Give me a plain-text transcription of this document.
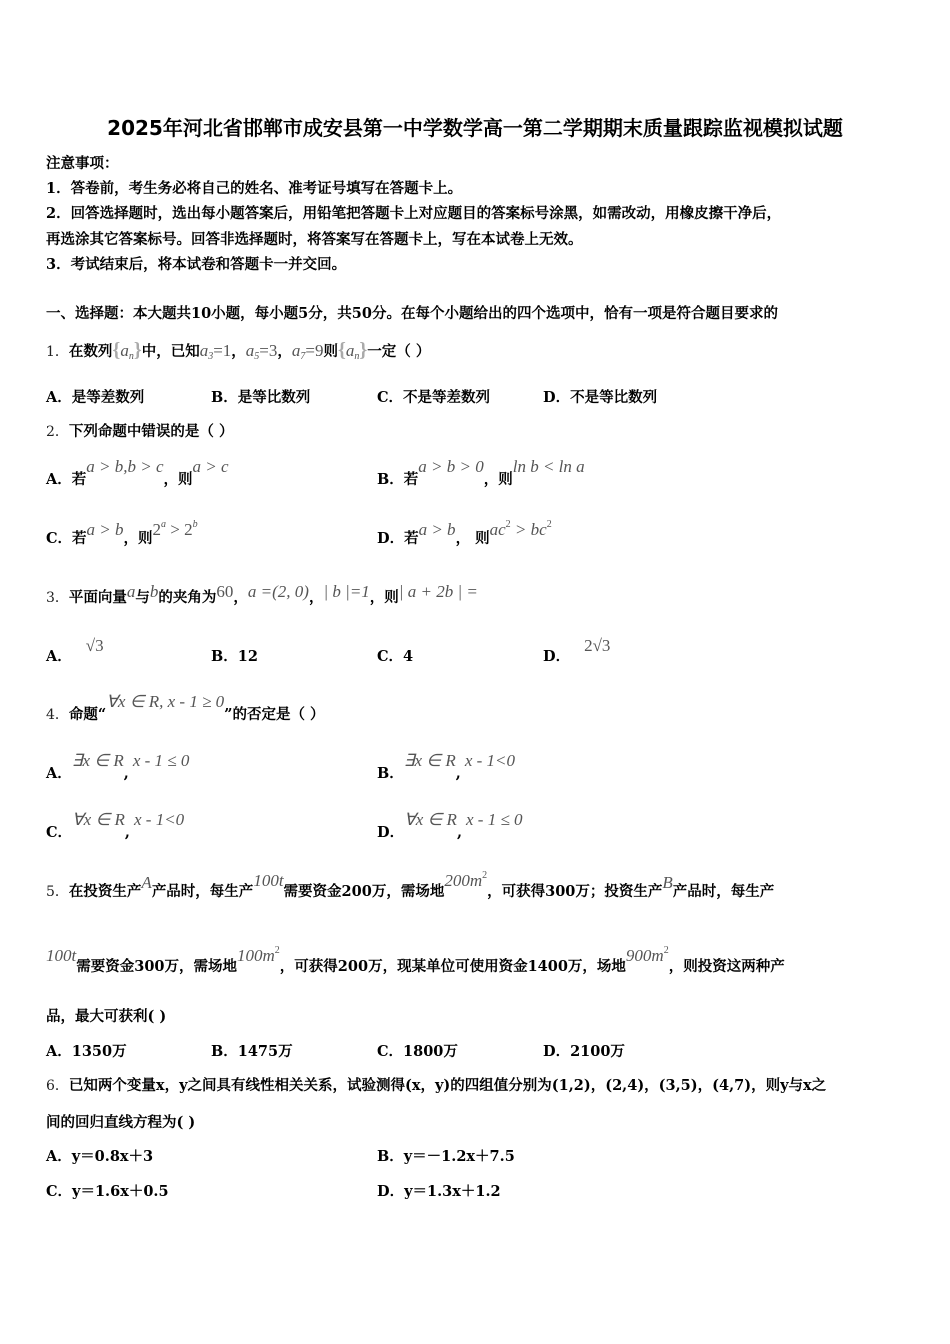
2025年河北省邯郸市成安县第一中学数学高一第二学期期末质量跟踪监视模拟试题
注意事项：
1．答卷前，考生务必将自己的姓名、准考证号填写在答题卡上。
2．回答选择题时，选出每小题答案后，用铅笔把答题卡上对应题目的答案标号涂黑，如需改动，用橡皮擦干净后，
再选涂其它答案标号。回答非选择题时，将答案写在答题卡上，写在本试卷上无效。
3．考试结束后，将本试卷和答题卡一并交回。
一、选择题：本大题共10小题，每小题5分，共50分。在每个小题给出的四个选项中，恰有一项是符合题目要求的
1．在数列$\{a_n\}$中，已知$a_3=1$，$a_5=3$，$a_7=9$则$\{a_n\}$一定（ ）
A．是等差数列	B．是等比数列	C．不是等差数列	D．不是等比数列
2．下列命题中错误的是（ ）
A．若a > b,b > c，则a > c
B．若a > b > 0，则ln b < ln a
C．若a > b，则$2^a > 2^b$
D．若a > b， 则$ac^2 > bc^2$
3．平面向量a与b的夹角为60，a =(2, 0)，| b |=1，则| a + 2b | =
A．√3
B．12	C．4	D．2√3
4．命题“∀x ∈ R, x - 1 ≥ 0”的否定是（ ）
A．∃x ∈ R,x - 1 ≤ 0
B．∃x ∈ R,x - 1<0
C．∀x ∈ R,x - 1<0
D．∀x ∈ R,x - 1 ≤ 0
5．在投资生产A产品时，每生产100t需要资金200万，需场地$200m^2$，可获得300万；投资生产B产品时，每生产
100t需要资金300万，需场地$100m^2$，可获得200万，现某单位可使用资金1400万，场地$900m^2$，则投资这两种产
品，最大可获利( )
A．1350万	B．1475万	C．1800万	D．2100万
6．已知两个变量x，y之间具有线性相关关系，试验测得(x，y)的四组值分别为(1,2)，(2,4)，(3,5)，(4,7)，则y与x之
间的回归直线方程为( )
A．y＝0.8x＋3	B．y＝－1.2x＋7.5
C．y＝1.6x＋0.5	D．y＝1.3x＋1.2
